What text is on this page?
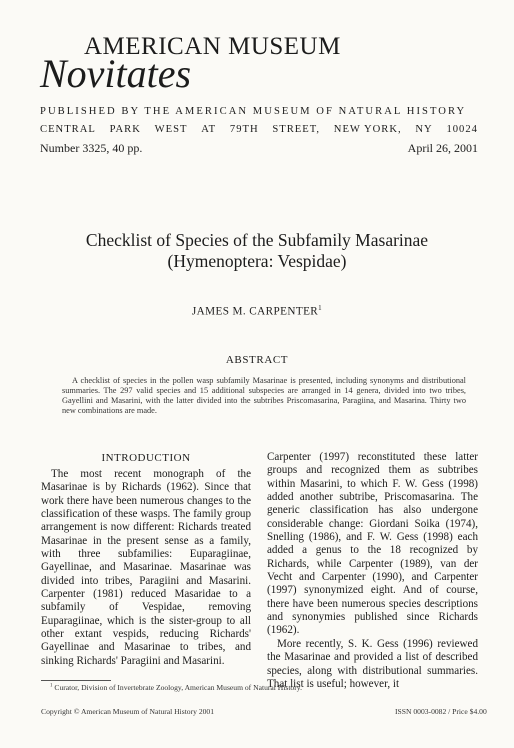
AMERICAN MUSEUM
Novitates
PUBLISHED BY THE AMERICAN MUSEUM OF NATURAL HISTORY
CENTRAL PARK WEST AT 79TH STREET, NEW YORK, NY 10024
Number 3325, 40 pp.	April 26, 2001
Checklist of Species of the Subfamily Masarinae
(Hymenoptera: Vespidae)
JAMES M. CARPENTER$^1$
ABSTRACT
A checklist of species in the pollen wasp subfamily Masarinae is presented, including synonyms and distributional summaries. The 297 valid species and 15 additional subspecies are arranged in 14 genera, divided into two tribes, Gayellini and Masarini, with the latter divided into the subtribes Priscomasarina, Paragiina, and Masarina. Thirty two new combinations are made.
INTRODUCTION

The most recent monograph of the Masarinae is by Richards (1962). Since that work there have been numerous changes to the classification of these wasps. The family group arrangement is now different: Richards treated Masarinae in the present sense as a family, with three subfamilies: Euparagiinae, Gayellinae, and Masarinae. Masarinae was divided into tribes, Paragiini and Masarini. Carpenter (1981) reduced Masaridae to a subfamily of Vespidae, removing Euparagiinae, which is the sister-group to all other extant vespids, reducing Richards' Gayellinae and Masarinae to tribes, and sinking Richards' Paragiini and Masarini.

Carpenter (1997) reconstituted these latter groups and recognized them as subtribes within Masarini, to which F. W. Gess (1998) added another subtribe, Priscomasarina. The generic classification has also undergone considerable change: Giordani Soika (1974), Snelling (1986), and F. W. Gess (1998) each added a genus to the 18 recognized by Richards, while Carpenter (1989), van der Vecht and Carpenter (1990), and Carpenter (1997) synonymized eight. And of course, there have been numerous species descriptions and synonymies published since Richards (1962).

More recently, S. K. Gess (1996) reviewed the Masarinae and provided a list of described species, along with distributional summaries. That list is useful; however, it

$^1$ Curator, Division of Invertebrate Zoology, American Museum of Natural History.
Copyright © American Museum of Natural History 2001	ISSN 0003-0082 / Price $4.00
